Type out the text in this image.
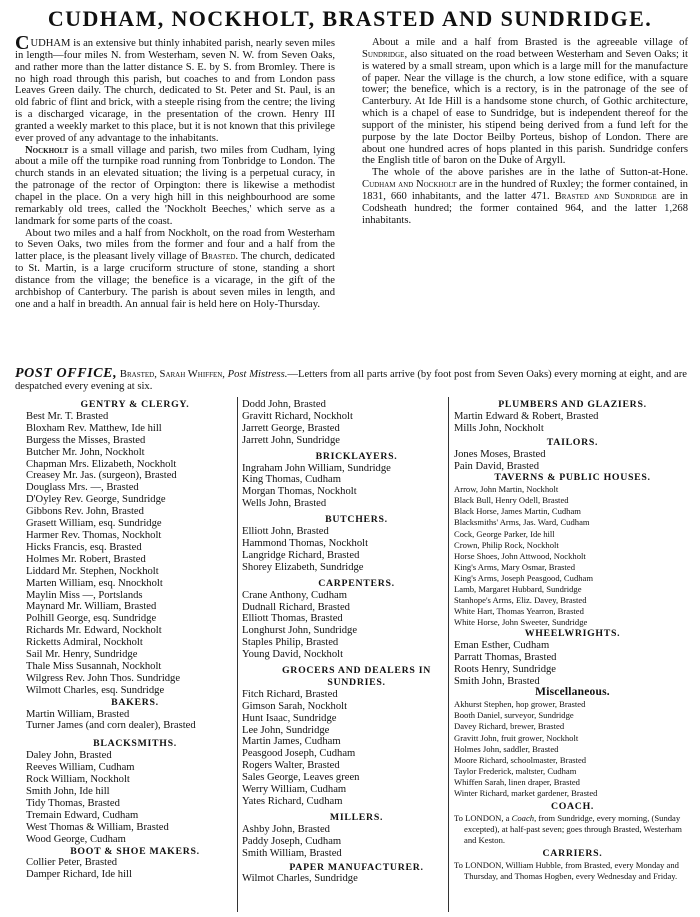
CUDHAM, NOCKHOLT, BRASTED AND SUNDRIDGE.

CUDHAM is an extensive but thinly inhabited parish, nearly seven miles in length—four miles N. from Westerham, seven N. W. from Seven Oaks, and rather more than the latter distance S. E. by S. from Bromley. There is no high road through this parish, but coaches to and from London pass Leaves Green daily. The church, dedicated to St. Peter and St. Paul, is an old fabric of flint and brick, with a steeple rising from the centre; the living is a discharged vicarage, in the presentation of the crown. Henry III granted a weekly market to this place, but it is not known that this privilege ever proved of any advantage to the inhabitants.

Nockholt is a small village and parish, two miles from Cudham, lying about a mile off the turnpike road running from Tonbridge to London. The church stands in an elevated situation; the living is a perpetual curacy, in the patronage of the rector of Orpington: there is likewise a methodist chapel in the place. On a very high hill in this neighbourhood are some remarkably old trees, called the 'Nockholt Beeches,' which serve as a landmark for some parts of the coast.

About two miles and a half from Nockholt, on the road from Westerham to Seven Oaks, two miles from the former and four and a half from the latter place, is the pleasant lively village of Brasted. The church, dedicated to St. Martin, is a large cruciform structure of stone, standing a short distance from the village; the benefice is a vicarage, in the gift of the archbishop of Canterbury. The parish is about seven miles in length, and one and a half in breadth. An annual fair is held here on Holy-Thursday.

About a mile and a half from Brasted is the agreeable village of Sundridge, also situated on the road between Westerham and Seven Oaks; it is watered by a small stream, upon which is a large mill for the manufacture of paper. Near the village is the church, a low stone edifice, with a square tower; the benefice, which is a rectory, is in the patronage of the see of Canterbury. At Ide Hill is a handsome stone church, of Gothic architecture, which is a chapel of ease to Sundridge, but is independent thereof for the support of the minister, his stipend being derived from a fund left for the purpose by the late Doctor Beilby Porteus, bishop of London. There are about one hundred acres of hops planted in this parish. Sundridge confers the English title of baron on the Duke of Argyll.

The whole of the above parishes are in the lathe of Sutton-at-Hone. Cudham and Nockholt are in the hundred of Ruxley; the former contained, in 1831, 660 inhabitants, and the latter 471. Brasted and Sundridge are in Codsheath hundred; the former contained 964, and the latter 1,268 inhabitants.

POST OFFICE, Brasted, Sarah Whiffen, Post Mistress.—Letters from all parts arrive (by foot post from Seven Oaks) every morning at eight, and are despatched every evening at six.
GENTRY & CLERGY.
Best Mr. T. Brasted
Bloxham Rev. Matthew, Ide hill
Burgess the Misses, Brasted
Butcher Mr. John, Nockholt
Chapman Mrs. Elizabeth, Nockholt
Creasey Mr. Jas. (surgeon), Brasted
Douglass Mrs. —, Brasted
D'Oyley Rev. George, Sundridge
Gibbons Rev. John, Brasted
Grasett William, esq. Sundridge
Harmer Rev. Thomas, Nockholt
Hicks Francis, esq. Brasted
Holmes Mr. Robert, Brasted
Liddard Mr. Stephen, Nockholt
Marten William, esq. Nnockholt
Maylin Miss —, Portslands
Maynard Mr. William, Brasted
Polhill George, esq. Sundridge
Richards Mr. Edward, Nockholt
Ricketts Admiral, Nockholt
Sail Mr. Henry, Sundridge
Thale Miss Susannah, Nockholt
Wilgress Rev. John Thos. Sundridge
Wilmott Charles, esq. Sundridge
BAKERS.
Martin William, Brasted
Turner James (and corn dealer), Brasted
BLACKSMITHS.
Daley John, Brasted
Reeves William, Cudham
Rock William, Nockholt
Smith John, Ide hill
Tidy Thomas, Brasted
Tremain Edward, Cudham
West Thomas & William, Brasted
Wood George, Cudham
BOOT & SHOE MAKERS.
Collier Peter, Brasted
Damper Richard, Ide hill
Dodd John, Brasted
Gravitt Richard, Nockholt
Jarrett George, Brasted
Jarrett John, Sundridge
BRICKLAYERS.
Ingraham John William, Sundridge
King Thomas, Cudham
Morgan Thomas, Nockholt
Wells John, Brasted
BUTCHERS.
Elliott John, Brasted
Hammond Thomas, Nockholt
Langridge Richard, Brasted
Shorey Elizabeth, Sundridge
CARPENTERS.
Crane Anthony, Cudham
Dudnall Richard, Brasted
Elliott Thomas, Brasted
Longhurst John, Sundridge
Staples Philip, Brasted
Young David, Nockholt
GROCERS AND DEALERS IN
SUNDRIES.
Fitch Richard, Brasted
Gimson Sarah, Nockholt
Hunt Isaac, Sundridge
Lee John, Sundridge
Martin James, Cudham
Peasgood Joseph, Cudham
Rogers Walter, Brasted
Sales George, Leaves green
Werry William, Cudham
Yates Richard, Cudham
MILLERS.
Ashby John, Brasted
Paddy Joseph, Cudham
Smith William, Brasted
PAPER MANUFACTURER.
Wilmot Charles, Sundridge
PLUMBERS AND GLAZIERS.
Martin Edward & Robert, Brasted
Mills John, Nockholt
TAILORS.
Jones Moses, Brasted
Pain David, Brasted
TAVERNS & PUBLIC HOUSES.
Arrow, John Martin, Nockholt
Black Bull, Henry Odell, Brasted
Black Horse, James Martin, Cudham
Blacksmiths' Arms, Jas. Ward, Cudham
Cock, George Parker, Ide hill
Crown, Philip Rock, Nockholt
Horse Shoes, John Attwood, Nockholt
King's Arms, Mary Osmar, Brasted
King's Arms, Joseph Peasgood, Cudham
Lamb, Margaret Hubbard, Sundridge
Stanhope's Arms, Eliz. Davey, Brasted
White Hart, Thomas Yearron, Brasted
White Horse, John Sweeter, Sundridge
WHEELWRIGHTS.
Eman Esther, Cudham
Parratt Thomas, Brasted
Roots Henry, Sundridge
Smith John, Brasted
Miscellaneous.
Akhurst Stephen, hop grower, Brasted
Booth Daniel, surveyor, Sundridge
Davey Richard, brewer, Brasted
Gravitt John, fruit grower, Nockholt
Holmes John, saddler, Brasted
Moore Richard, schoolmaster, Brasted
Taylor Frederick, maltster, Cudham
Whiffen Sarah, linen draper, Brasted
Winter Richard, market gardener, Brasted
COACH.
To LONDON, a Coach, from Sundridge, every morning, (Sunday excepted), at half-past seven; goes through Brasted, Westerham and Keston.
CARRIERS.
To LONDON, William Hubble, from Brasted, every Monday and Thursday, and Thomas Hogben, every Wednesday and Friday.
